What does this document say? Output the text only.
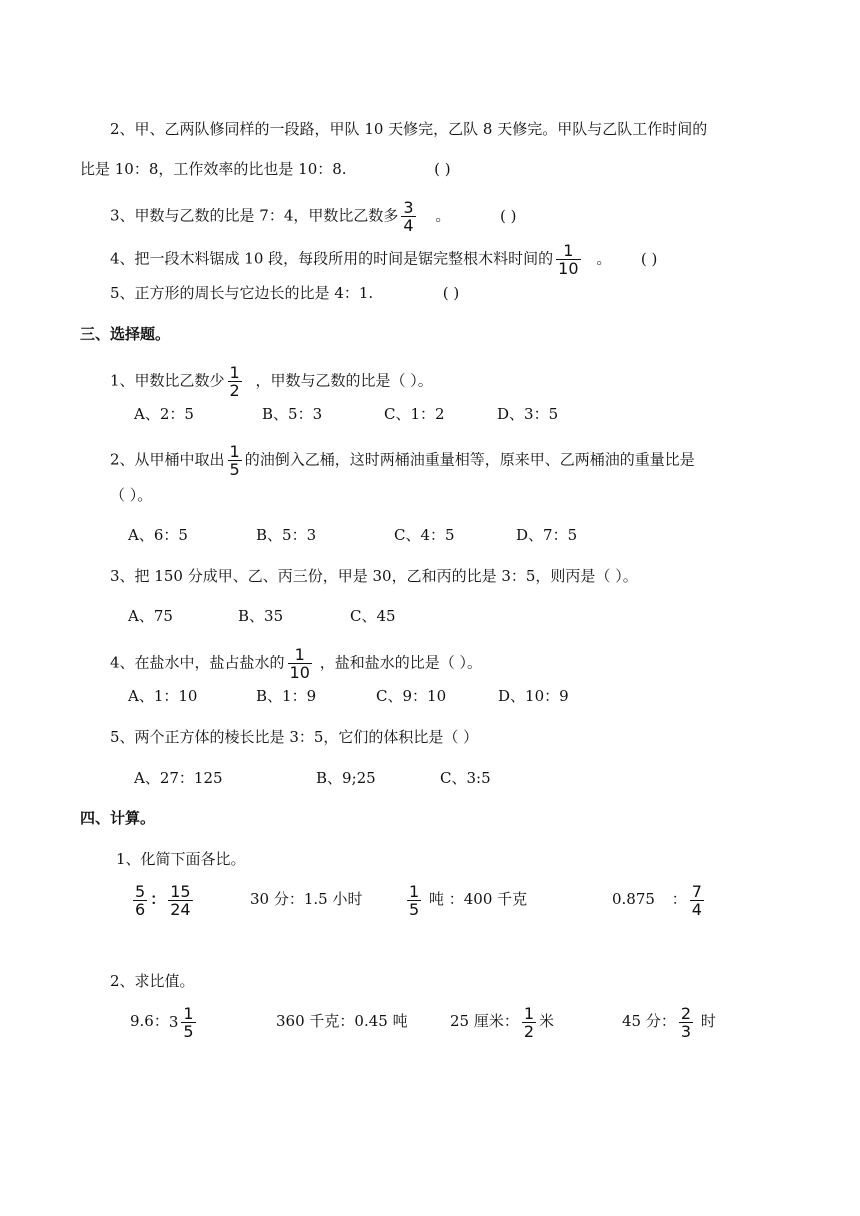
2、甲、乙两队修同样的一段路，甲队 10 天修完，乙队 8 天修完。甲队与乙队工作时间的
比是 10：8，工作效率的比也是 10：8.	( )
3、甲数与乙数的比是 7：4，甲数比乙数多 $\frac{3}{4}$ 。	( )
4、把一段木料锯成 10 段，每段所用的时间是锯完整根木料时间的 $\frac{1}{10}$ 。 ( )
5、正方形的周长与它边长的比是 4：1.	( )
三、选择题。
1、甲数比乙数少 $\frac{1}{2}$ ，甲数与乙数的比是（ ）。
A、2：5	B、5：3	C、1：2	D、3：5
2、从甲桶中取出 $\frac{1}{5}$ 的油倒入乙桶，这时两桶油重量相等，原来甲、乙两桶油的重量比是
（ ）。
A、6：5	B、5：3	C、4：5	D、7：5
3、把 150 分成甲、乙、丙三份，甲是 30，乙和丙的比是 3：5，则丙是（ ）。
A、75	B、35	C、45
4、在盐水中，盐占盐水的 $\frac{1}{10}$ ，盐和盐水的比是（ ）。
A、1：10	B、1：9	C、9：10	D、10：9
5、两个正方体的棱长比是 3：5，它们的体积比是（ ）
A、27：125	B、9;25	C、3:5
四、计算。
1、化简下面各比。
$\frac{5}{6}$ ： $\frac{15}{24}$	30 分：1.5 小时	$\frac{1}{5}$ 吨 ：400 千克	0.875 ： $\frac{7}{4}$
2、求比值。
9.6： $3 \frac{1}{5}$	360 千克：0.45 吨	25 厘米： $\frac{1}{2}$ 米	45 分： $\frac{2}{3}$ 时
